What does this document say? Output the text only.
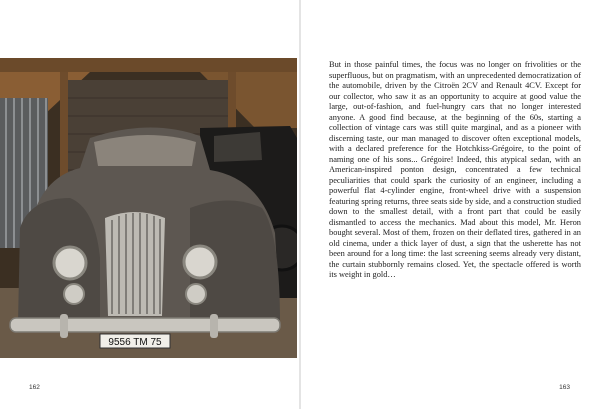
9556 TM 75
162

But in those painful times, the focus was no longer on frivolities or the superfluous, but on pragmatism, with an unprecedented democratization of the automobile, driven by the Citroën 2CV and Renault 4CV. Except for our collector, who saw it as an opportunity to acquire at good value the large, out-of-fashion, and fuel-hungry cars that no longer interested anyone. A good find because, at the beginning of the 60s, starting a collection of vintage cars was still quite marginal, and as a pioneer with discerning taste, our man managed to discover often exceptional models, with a declared preference for the Hotchkiss-Grégoire, to the point of naming one of his sons... Grégoire! Indeed, this atypical sedan, with an American-inspired ponton design, concentrated a few technical peculiarities that could spark the curiosity of an engineer, including a powerful flat 4-cylinder engine, front-wheel drive with a suspension featuring spring returns, three seats side by side, and a construction studied down to the smallest detail, with a front part that could be easily dismantled to access the mechanics. Mad about this model, Mr. Heron bought several. Most of them, frozen on their deflated tires, gathered in an old cinema, under a thick layer of dust, a sign that the usherette has not been around for a long time: the last screening seems already very distant, the curtain stubbornly remains closed. Yet, the spectacle offered is worth its weight in gold…

163
